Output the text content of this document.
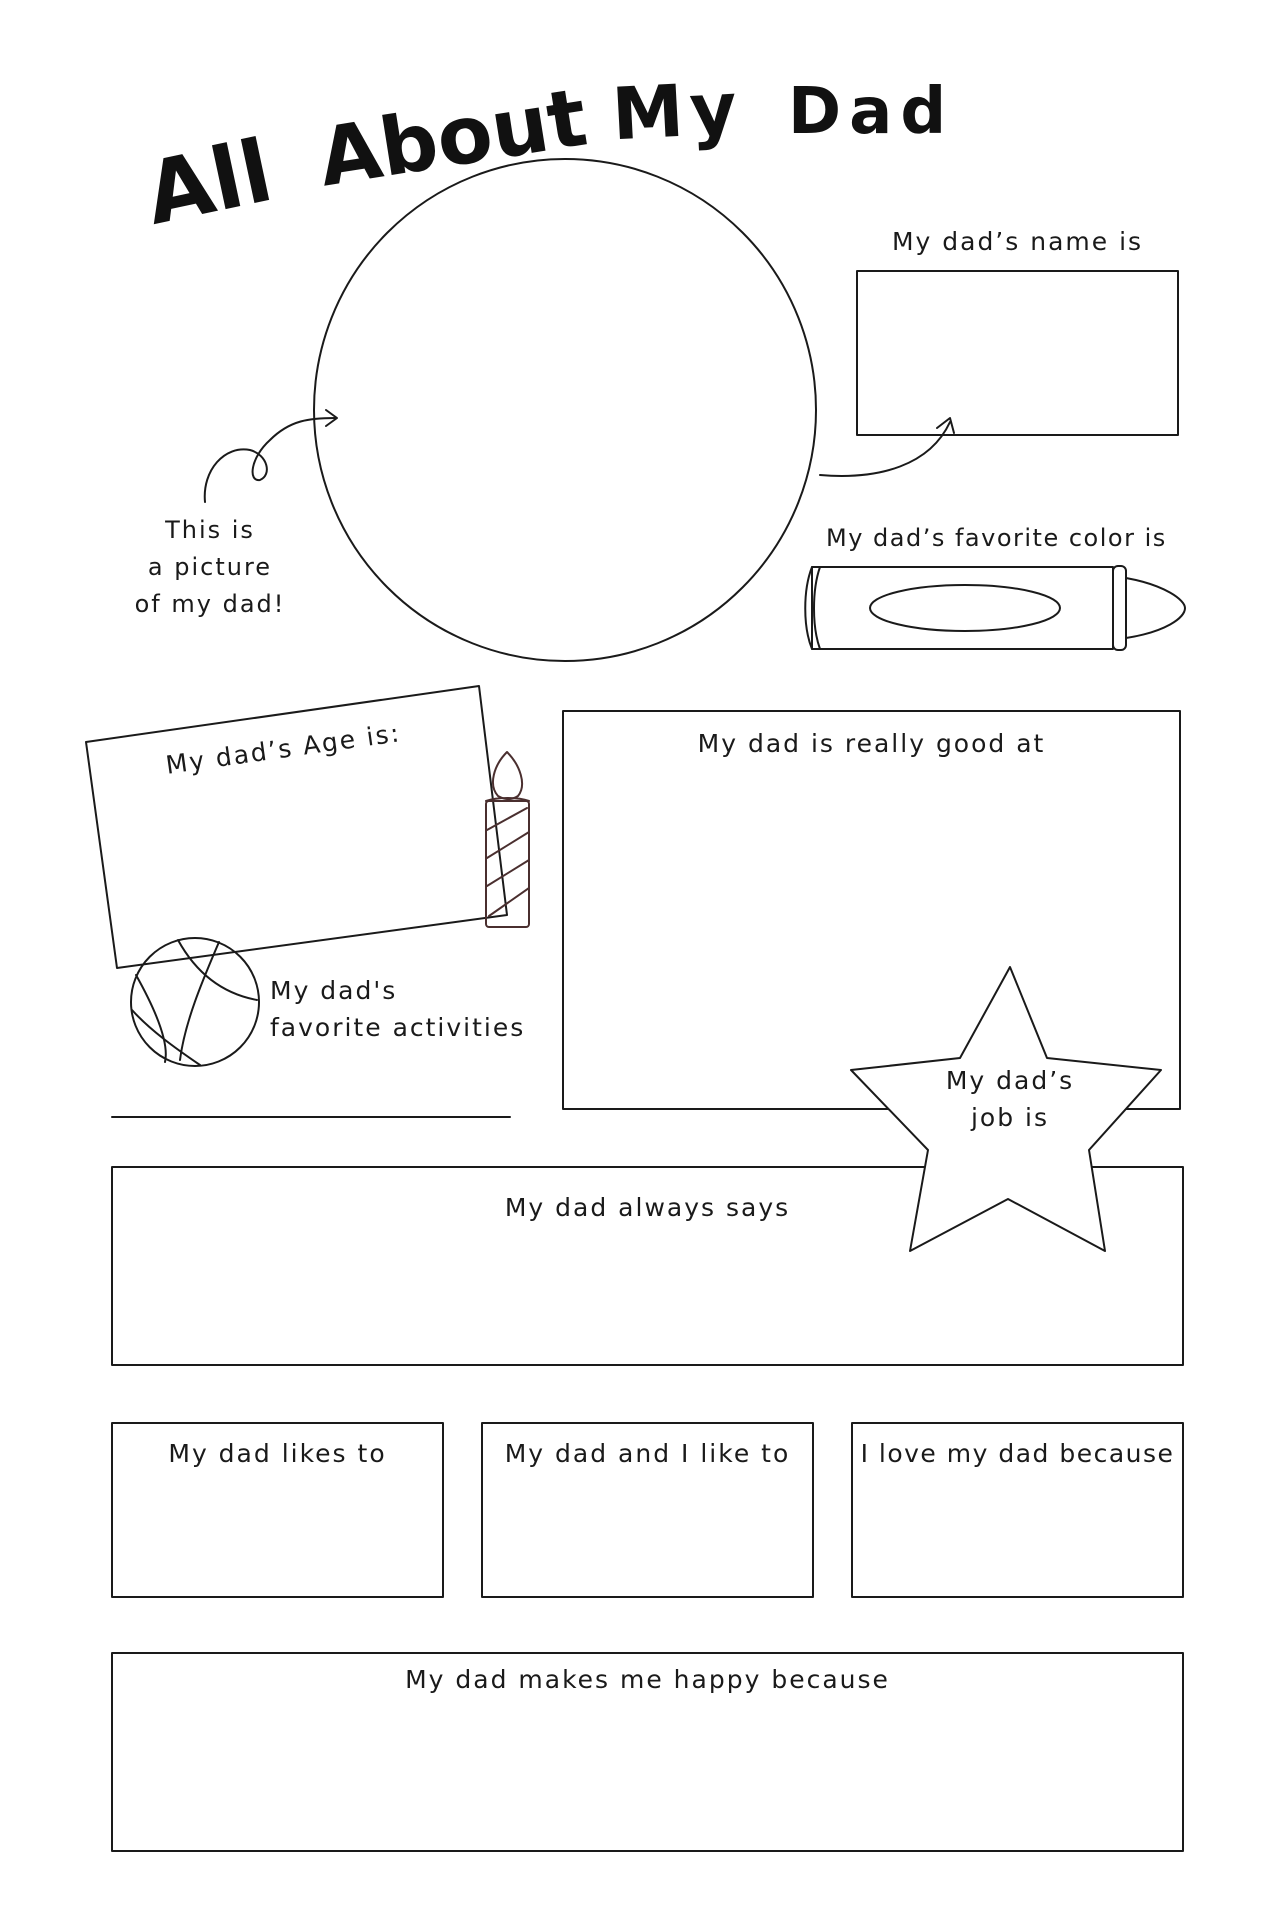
All About My Dad
This is
a picture
of my dad!
My dad’s name is
My dad’s favorite color is
My dad’s Age is:
My dad's
favorite activities
My dad is really good at
My dad’s
job is
My dad always says
My dad likes to	My dad and I like to	I love my dad because
My dad makes me happy because
